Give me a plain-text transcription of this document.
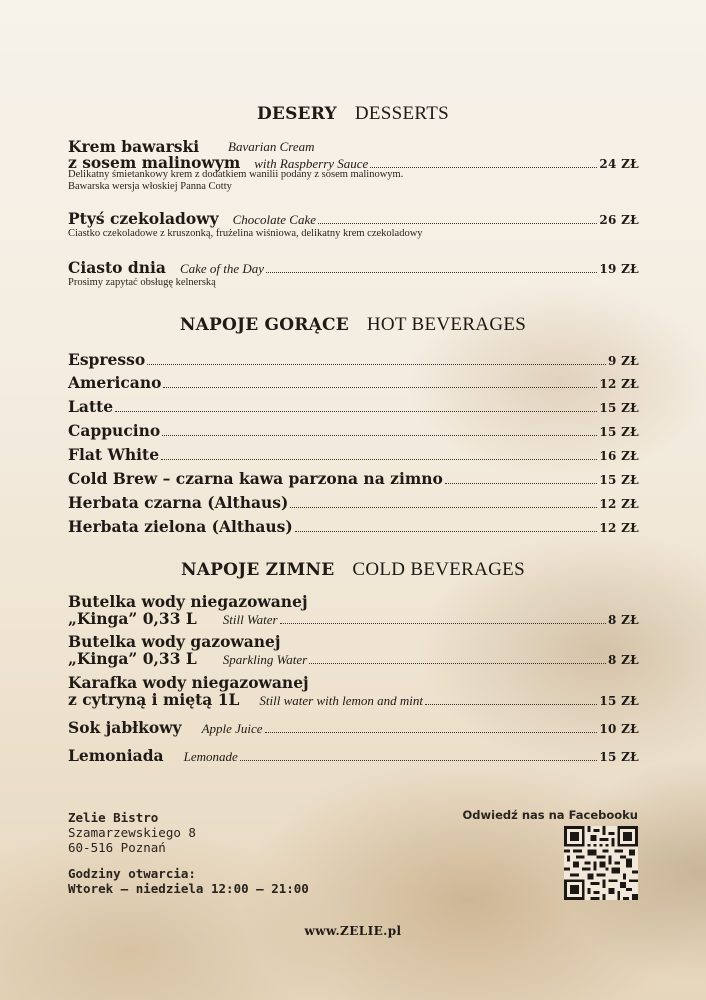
DESERY DESSERTS
Krem bawarski Bavarian Cream
z sosem malinowym with Raspberry Sauce	24 ZŁ
Delikatny śmietankowy krem z dodatkiem wanilii podany z sosem malinowym.
Bawarska wersja włoskiej Panna Cotty
Ptyś czekoladowy Chocolate Cake	26 ZŁ
Ciastko czekoladowe z kruszonką, frużelina wiśniowa, delikatny krem czekoladowy
Ciasto dnia Cake of the Day	19 ZŁ
Prosimy zapytać obsługę kelnerską
NAPOJE GORĄCE HOT BEVERAGES
Espresso	9 ZŁ
Americano	12 ZŁ
Latte	15 ZŁ
Cappucino	15 ZŁ
Flat White	16 ZŁ
Cold Brew – czarna kawa parzona na zimno	15 ZŁ
Herbata czarna (Althaus)	12 ZŁ
Herbata zielona (Althaus)	12 ZŁ
NAPOJE ZIMNE COLD BEVERAGES
Butelka wody niegazowanej
„Kinga” 0,33 L Still Water	8 ZŁ
Butelka wody gazowanej
„Kinga” 0,33 L Sparkling Water	8 ZŁ
Karafka wody niegazowanej
z cytryną i miętą 1L Still water with lemon and mint	15 ZŁ
Sok jabłkowy Apple Juice	10 ZŁ
Lemoniada Lemonade	15 ZŁ
Zelie Bistro
Szamarzewskiego 8
60-516 Poznań
Godziny otwarcia:
Wtorek – niedziela 12:00 – 21:00
Odwiedź nas na Facebooku
www.ZELIE.pl
